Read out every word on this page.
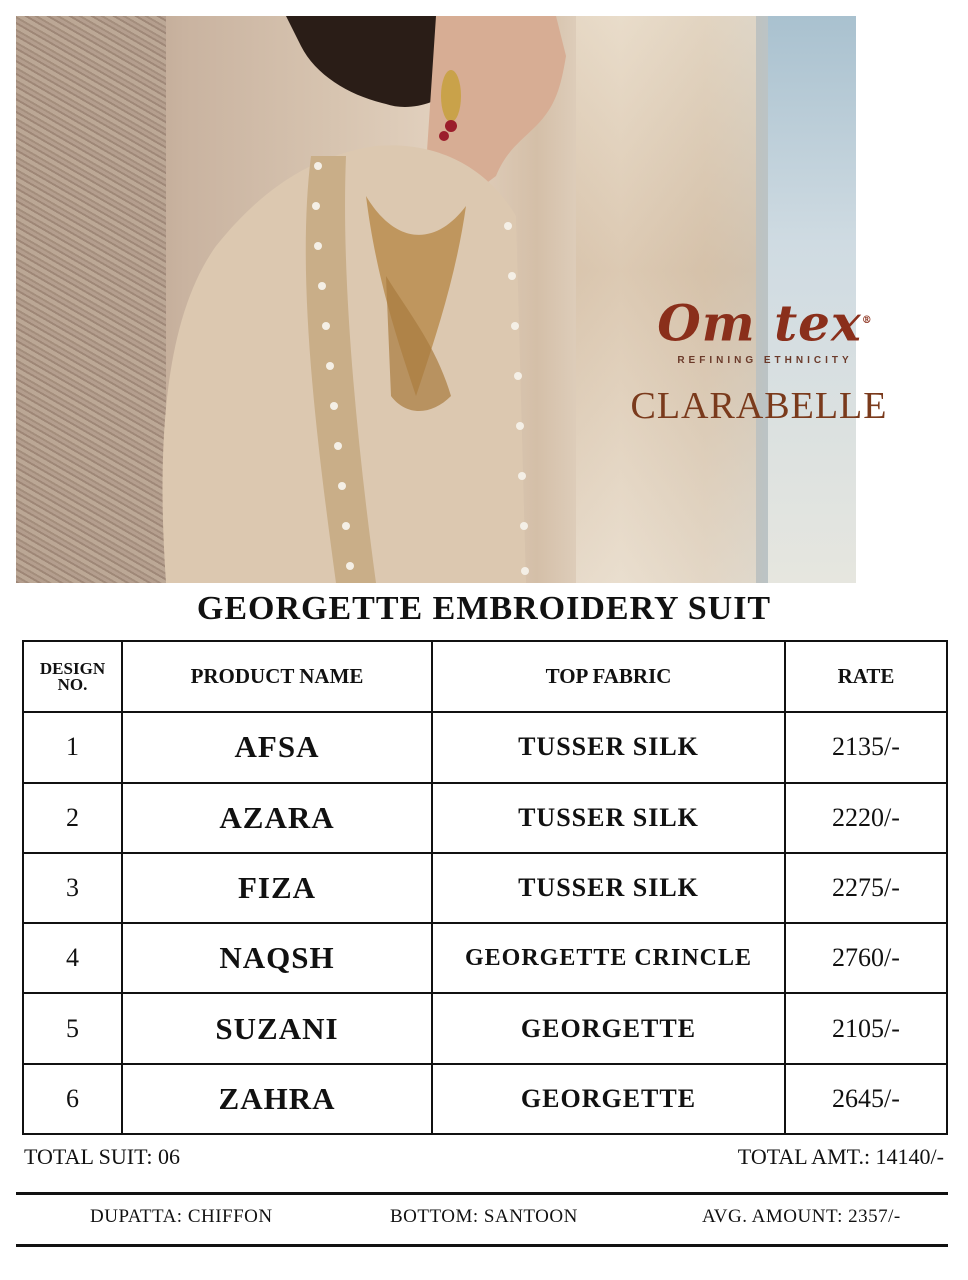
Om tex®
REFINING ETHNICITY
CLARABELLE
GEORGETTE EMBROIDERY SUIT
DESIGN NO.	PRODUCT NAME	TOP FABRIC	RATE
1	AFSA	TUSSER SILK	2135/-
2	AZARA	TUSSER SILK	2220/-
3	FIZA	TUSSER SILK	2275/-
4	NAQSH	GEORGETTE CRINCLE	2760/-
5	SUZANI	GEORGETTE	2105/-
6	ZAHRA	GEORGETTE	2645/-
TOTAL SUIT: 06	TOTAL AMT.: 14140/-
DUPATTA: CHIFFON	BOTTOM: SANTOON	AVG. AMOUNT: 2357/-
